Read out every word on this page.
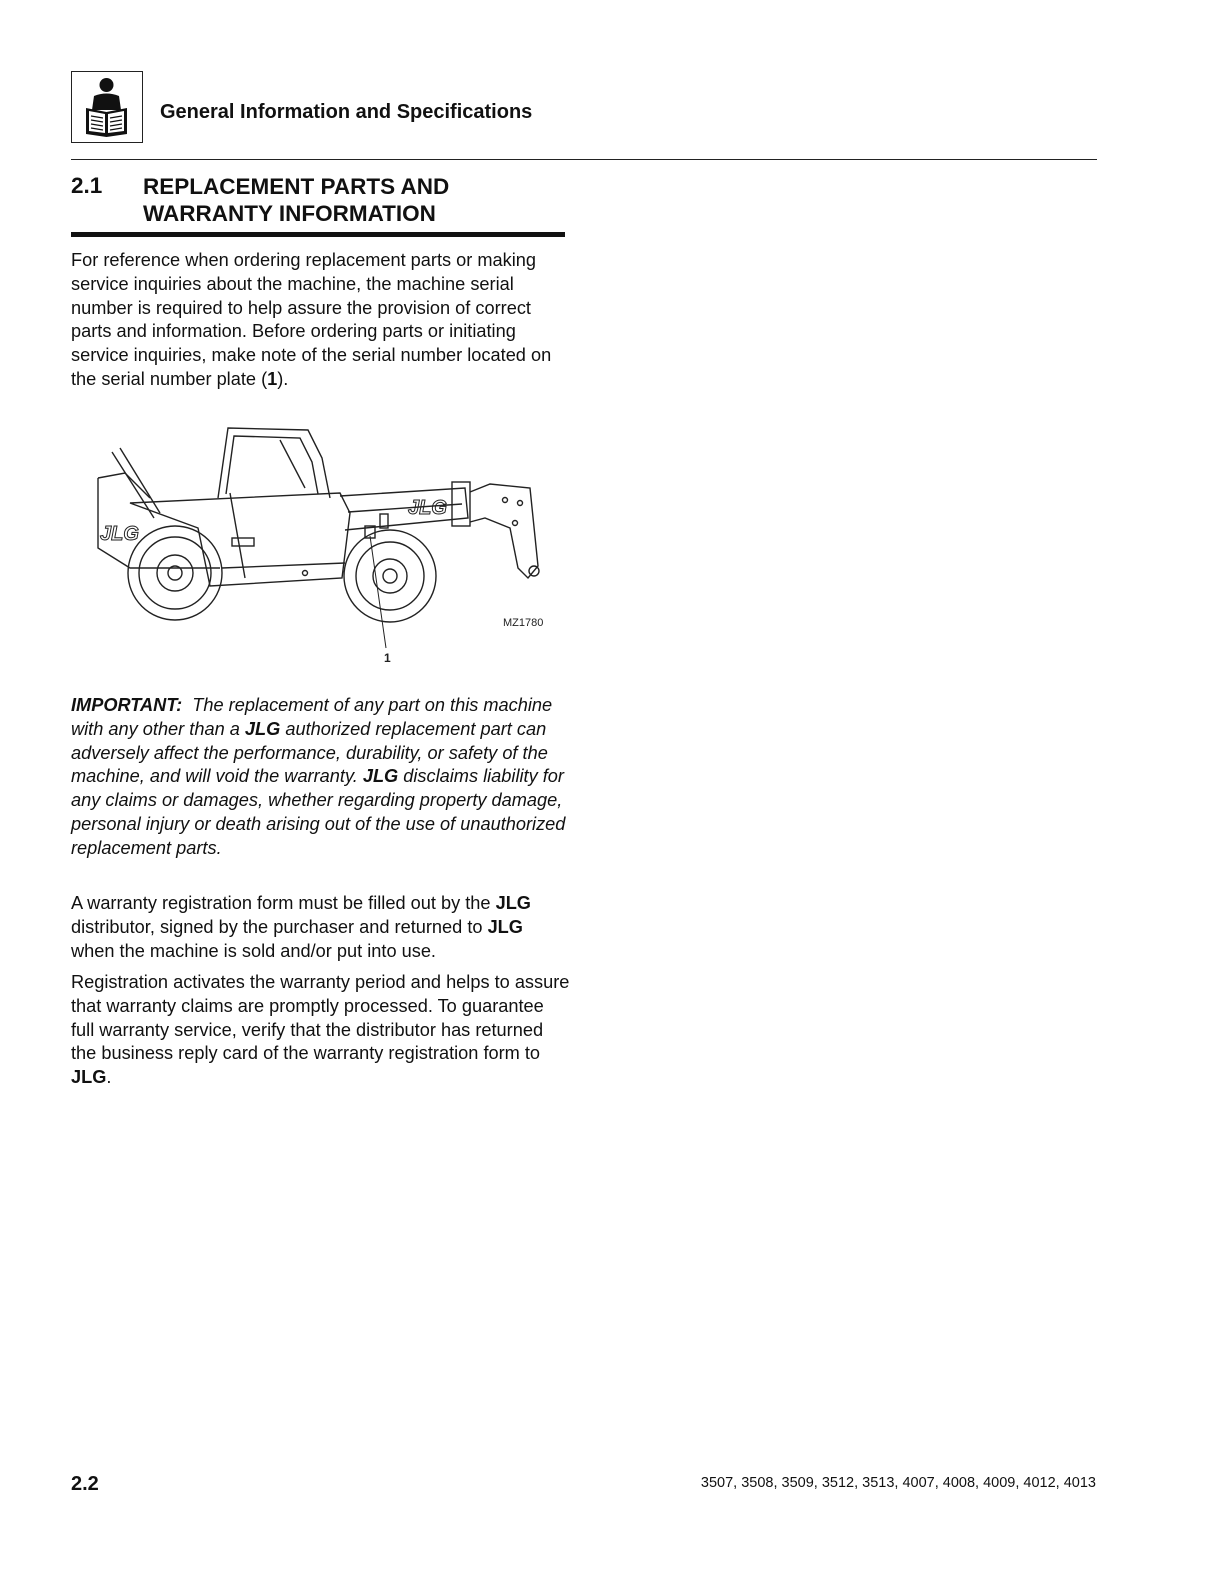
General Information and Specifications
2.1 REPLACEMENT PARTS AND
WARRANTY INFORMATION
For reference when ordering replacement parts or making service inquiries about the machine, the machine serial number is required to help assure the provision of correct parts and information. Before ordering parts or initiating service inquiries, make note of the serial number located on the serial number plate (1).
JLG
JLG
MZ1780
1
IMPORTANT: The replacement of any part on this machine with any other than a JLG authorized replacement part can adversely affect the performance, durability, or safety of the machine, and will void the warranty. JLG disclaims liability for any claims or damages, whether regarding property damage, personal injury or death arising out of the use of unauthorized replacement parts.
A warranty registration form must be filled out by the JLG distributor, signed by the purchaser and returned to JLG when the machine is sold and/or put into use.
Registration activates the warranty period and helps to assure that warranty claims are promptly processed. To guarantee full warranty service, verify that the distributor has returned the business reply card of the warranty registration form to JLG.
2.2	3507, 3508, 3509, 3512, 3513, 4007, 4008, 4009, 4012, 4013
